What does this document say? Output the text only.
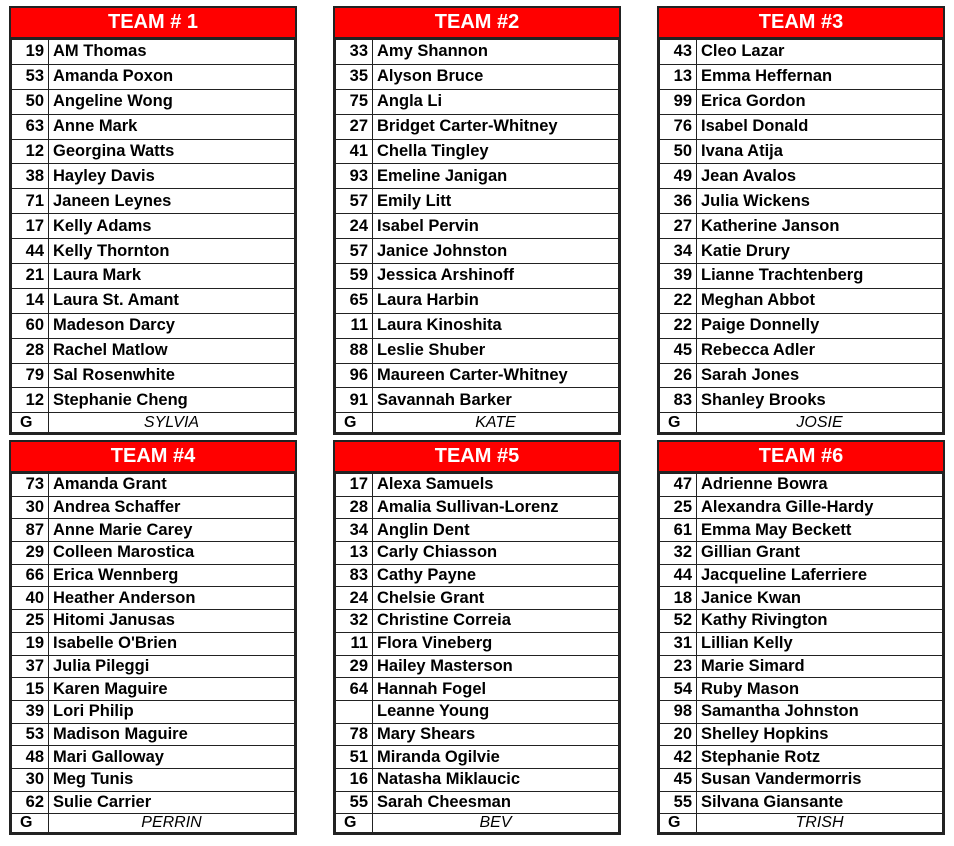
TEAM # 1
19	AM Thomas
53	Amanda Poxon
50	Angeline Wong
63	Anne Mark
12	Georgina Watts
38	Hayley Davis
71	Janeen Leynes
17	Kelly Adams
44	Kelly Thornton
21	Laura Mark
14	Laura St. Amant
60	Madeson Darcy
28	Rachel Matlow
79	Sal Rosenwhite
12	Stephanie Cheng
G	SYLVIA
TEAM #2
33	Amy Shannon
35	Alyson Bruce
75	Angla Li
27	Bridget Carter-Whitney
41	Chella Tingley
93	Emeline Janigan
57	Emily Litt
24	Isabel Pervin
57	Janice Johnston
59	Jessica Arshinoff
65	Laura Harbin
11	Laura Kinoshita
88	Leslie Shuber
96	Maureen Carter-Whitney
91	Savannah Barker
G	KATE
TEAM #3
43	Cleo Lazar
13	Emma Heffernan
99	Erica Gordon
76	Isabel Donald
50	Ivana Atija
49	Jean Avalos
36	Julia Wickens
27	Katherine Janson
34	Katie Drury
39	Lianne Trachtenberg
22	Meghan Abbot
22	Paige Donnelly
45	Rebecca Adler
26	Sarah Jones
83	Shanley Brooks
G	JOSIE
TEAM #4
73	Amanda Grant
30	Andrea Schaffer
87	Anne Marie Carey
29	Colleen Marostica
66	Erica Wennberg
40	Heather Anderson
25	Hitomi Janusas
19	Isabelle O'Brien
37	Julia Pileggi
15	Karen Maguire
39	Lori Philip
53	Madison Maguire
48	Mari Galloway
30	Meg Tunis
62	Sulie Carrier
G	PERRIN
TEAM #5
17	Alexa Samuels
28	Amalia Sullivan-Lorenz
34	Anglin Dent
13	Carly Chiasson
83	Cathy Payne
24	Chelsie Grant
32	Christine Correia
11	Flora Vineberg
29	Hailey Masterson
64	Hannah Fogel
	Leanne Young
78	Mary Shears
51	Miranda Ogilvie
16	Natasha Miklaucic
55	Sarah Cheesman
G	BEV
TEAM #6
47	Adrienne Bowra
25	Alexandra Gille-Hardy
61	Emma May Beckett
32	Gillian Grant
44	Jacqueline Laferriere
18	Janice Kwan
52	Kathy Rivington
31	Lillian Kelly
23	Marie Simard
54	Ruby Mason
98	Samantha Johnston
20	Shelley Hopkins
42	Stephanie Rotz
45	Susan Vandermorris
55	Silvana Giansante
G	TRISH
